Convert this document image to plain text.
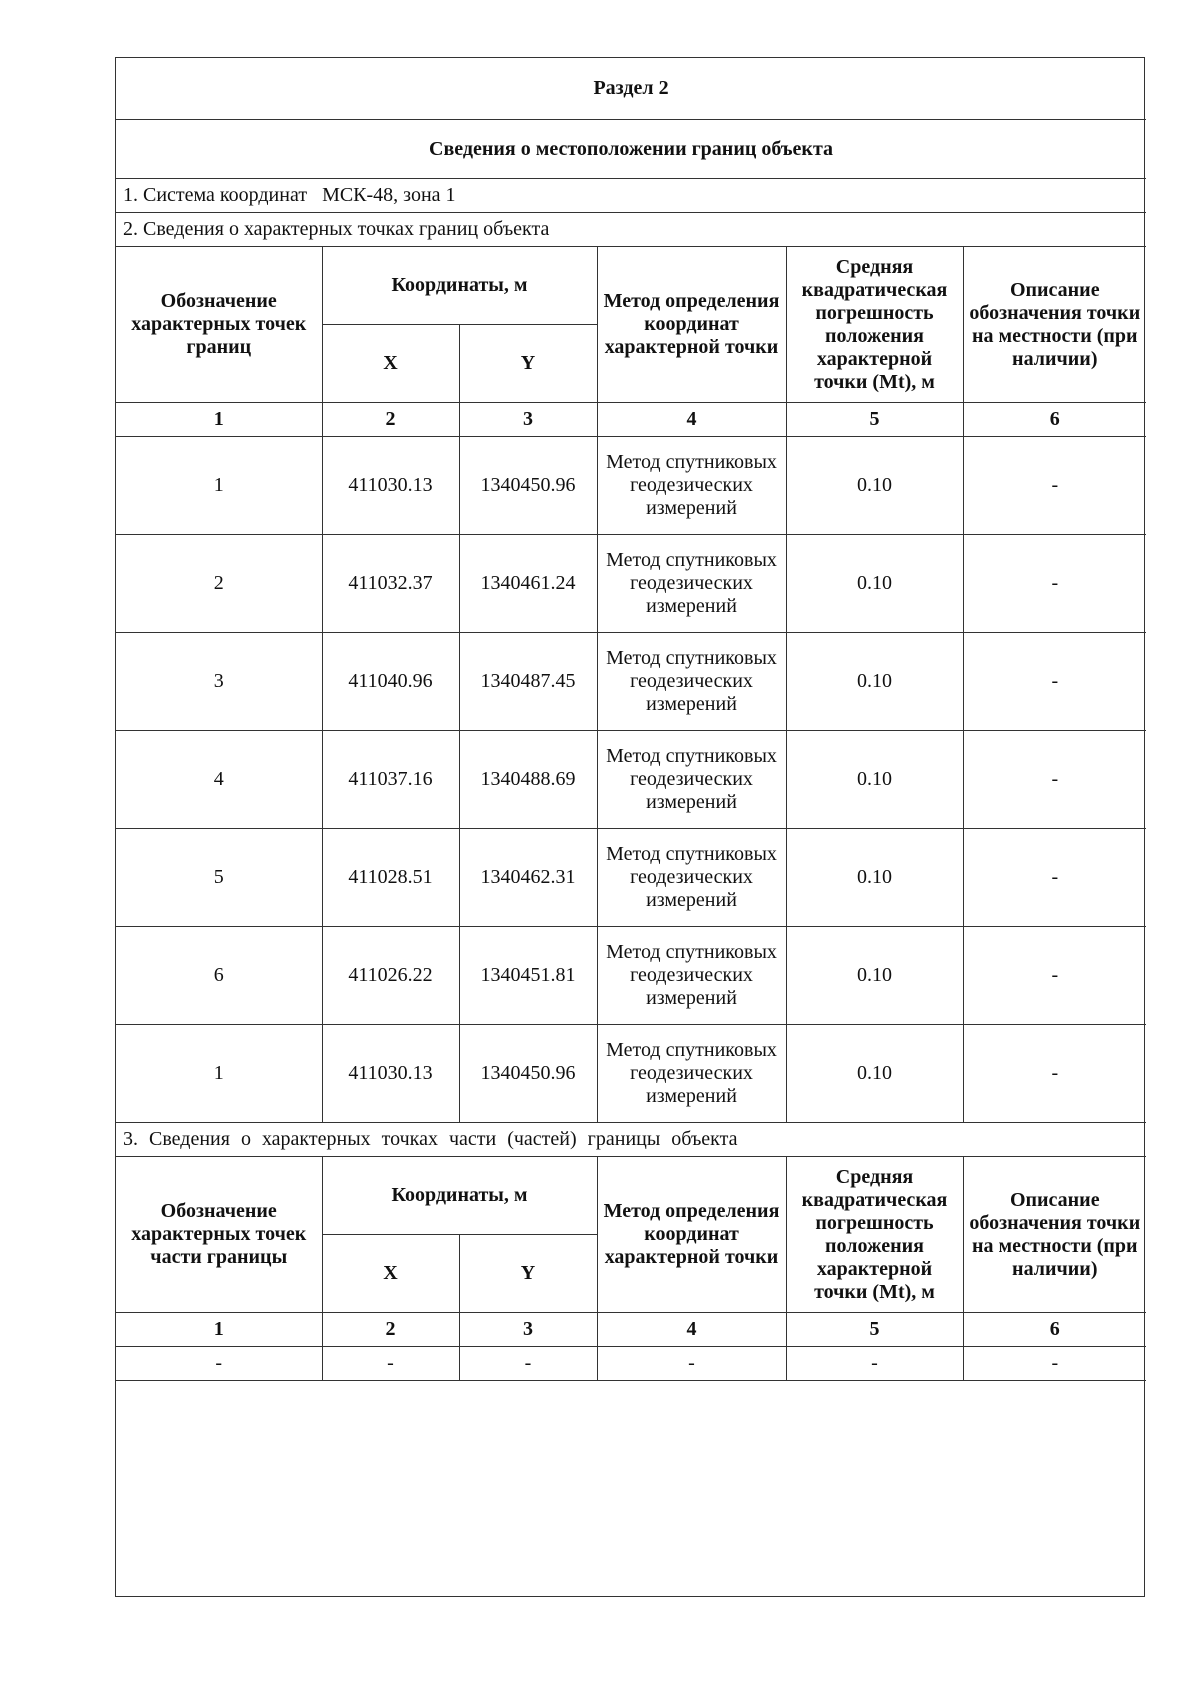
Раздел 2					
Сведения о местоположении границ объекта					
1. Система координат МСК-48, зона 1					
2. Сведения о характерных точках границ объекта					
Обозначение характерных точек границ	Координаты, м		Метод определения координат характерной точки	Средняя квадратическая погрешность положения характерной точки (Mt), м	Описание обозначения точки на местности (при наличии)
	X	Y			
1	2	3	4	5	6
1	411030.13	1340450.96	Метод спутниковых геодезических измерений	0.10	-
2	411032.37	1340461.24	Метод спутниковых геодезических измерений	0.10	-
3	411040.96	1340487.45	Метод спутниковых геодезических измерений	0.10	-
4	411037.16	1340488.69	Метод спутниковых геодезических измерений	0.10	-
5	411028.51	1340462.31	Метод спутниковых геодезических измерений	0.10	-
6	411026.22	1340451.81	Метод спутниковых геодезических измерений	0.10	-
1	411030.13	1340450.96	Метод спутниковых геодезических измерений	0.10	-
3. Сведения о характерных точках части (частей) границы объекта					
Обозначение характерных точек части границы	Координаты, м		Метод определения координат характерной точки	Средняя квадратическая погрешность положения характерной точки (Mt), м	Описание обозначения точки на местности (при наличии)
	X	Y			
1	2	3	4	5	6
-	-	-	-	-	-
